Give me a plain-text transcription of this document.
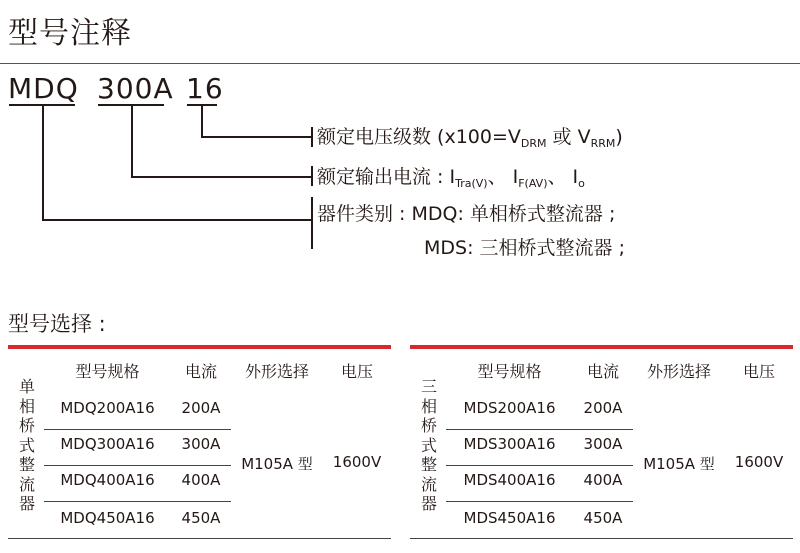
型号注释
MDQ 300A 16
额定电压级数 ($x100=V_{DRM}$ 或 $V_{RRM}$)
额定输出电流 : $I_{Tra(V)}$、 $I_{F(AV)}$、 $I_o$
器件类别 : MDQ: 单相桥式整流器 ;
MDS: 三相桥式整流器 ;
型号选择 :
型号规格	电流	外形选择	电压
单
相
桥
式
整
流
器
MDQ200A16	200A
MDQ300A16	300A
MDQ400A16	400A
MDQ450A16	450A
M105A 型	1600V
型号规格	电流	外形选择	电压
三
相
桥
式
整
流
器
MDS200A16	200A
MDS300A16	300A
MDS400A16	400A
MDS450A16	450A
M105A 型	1600V
